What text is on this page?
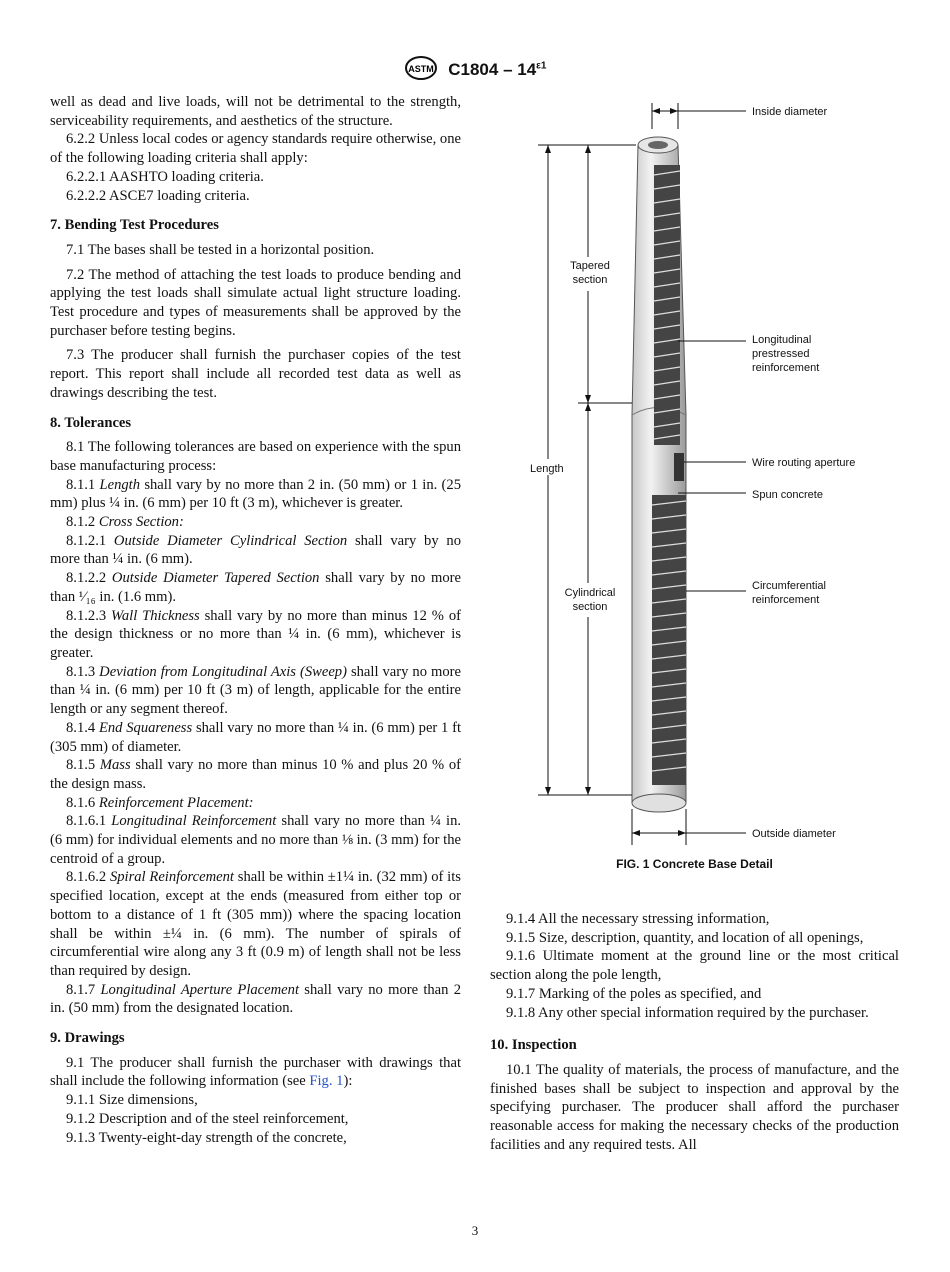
ASTM $C1804 - 14^{\varepsilon 1}$

well as dead and live loads, will not be detrimental to the strength, serviceability requirements, and aesthetics of the structure.

6.2.2 Unless local codes or agency standards require otherwise, one of the following loading criteria shall apply:

6.2.2.1 AASHTO loading criteria.

6.2.2.2 ASCE7 loading criteria.

7. Bending Test Procedures

7.1 The bases shall be tested in a horizontal position.

7.2 The method of attaching the test loads to produce bending and applying the test loads shall simulate actual light structure loading. Test procedure and types of measurements shall be approved by the purchaser before testing begins.

7.3 The producer shall furnish the purchaser copies of the test report. This report shall include all recorded test data as well as drawings describing the test.

8. Tolerances

8.1 The following tolerances are based on experience with the spun base manufacturing process:

8.1.1 Length shall vary by no more than 2 in. (50 mm) or 1 in. (25 mm) plus ¼ in. (6 mm) per 10 ft (3 m), whichever is greater.

8.1.2 Cross Section:

8.1.2.1 Outside Diameter Cylindrical Section shall vary by no more than ¼ in. (6 mm).

8.1.2.2 Outside Diameter Tapered Section shall vary by no more than ¹⁄₁₆ in. (1.6 mm).

8.1.2.3 Wall Thickness shall vary by no more than minus 12 % of the design thickness or no more than ¼ in. (6 mm), whichever is greater.

8.1.3 Deviation from Longitudinal Axis (Sweep) shall vary no more than ¼ in. (6 mm) per 10 ft (3 m) of length, applicable for the entire length or any segment thereof.

8.1.4 End Squareness shall vary no more than ¼ in. (6 mm) per 1 ft (305 mm) of diameter.

8.1.5 Mass shall vary no more than minus 10 % and plus 20 % of the design mass.

8.1.6 Reinforcement Placement:

8.1.6.1 Longitudinal Reinforcement shall vary no more than ¼ in. (6 mm) for individual elements and no more than ⅛ in. (3 mm) for the centroid of a group.

8.1.6.2 Spiral Reinforcement shall be within ±1¼ in. (32 mm) of its specified location, except at the ends (measured from either top or bottom to a distance of 1 ft (305 mm)) where the spacing location shall be within ±¼ in. (6 mm). The number of spirals of circumferential wire along any 3 ft (0.9 m) of length shall not be less than required by design.

8.1.7 Longitudinal Aperture Placement shall vary no more than 2 in. (50 mm) from the designated location.

9. Drawings

9.1 The producer shall furnish the purchaser with drawings that shall include the following information (see Fig. 1):

9.1.1 Size dimensions,

9.1.2 Description and of the steel reinforcement,

9.1.3 Twenty-eight-day strength of the concrete,

Inside diameter
Tapered
section
Longitudinal
prestressed
reinforcement
Length	Wire routing aperture
Spun concrete
Cylindrical
section
Circumferential
reinforcement
Outside diameter
FIG. 1 Concrete Base Detail

9.1.4 All the necessary stressing information,

9.1.5 Size, description, quantity, and location of all openings,

9.1.6 Ultimate moment at the ground line or the most critical section along the pole length,

9.1.7 Marking of the poles as specified, and

9.1.8 Any other special information required by the purchaser.

10. Inspection

10.1 The quality of materials, the process of manufacture, and the finished bases shall be subject to inspection and approval by the specifying purchaser. The producer shall afford the purchaser reasonable access for making the necessary checks of the production facilities and any required tests. All

3
